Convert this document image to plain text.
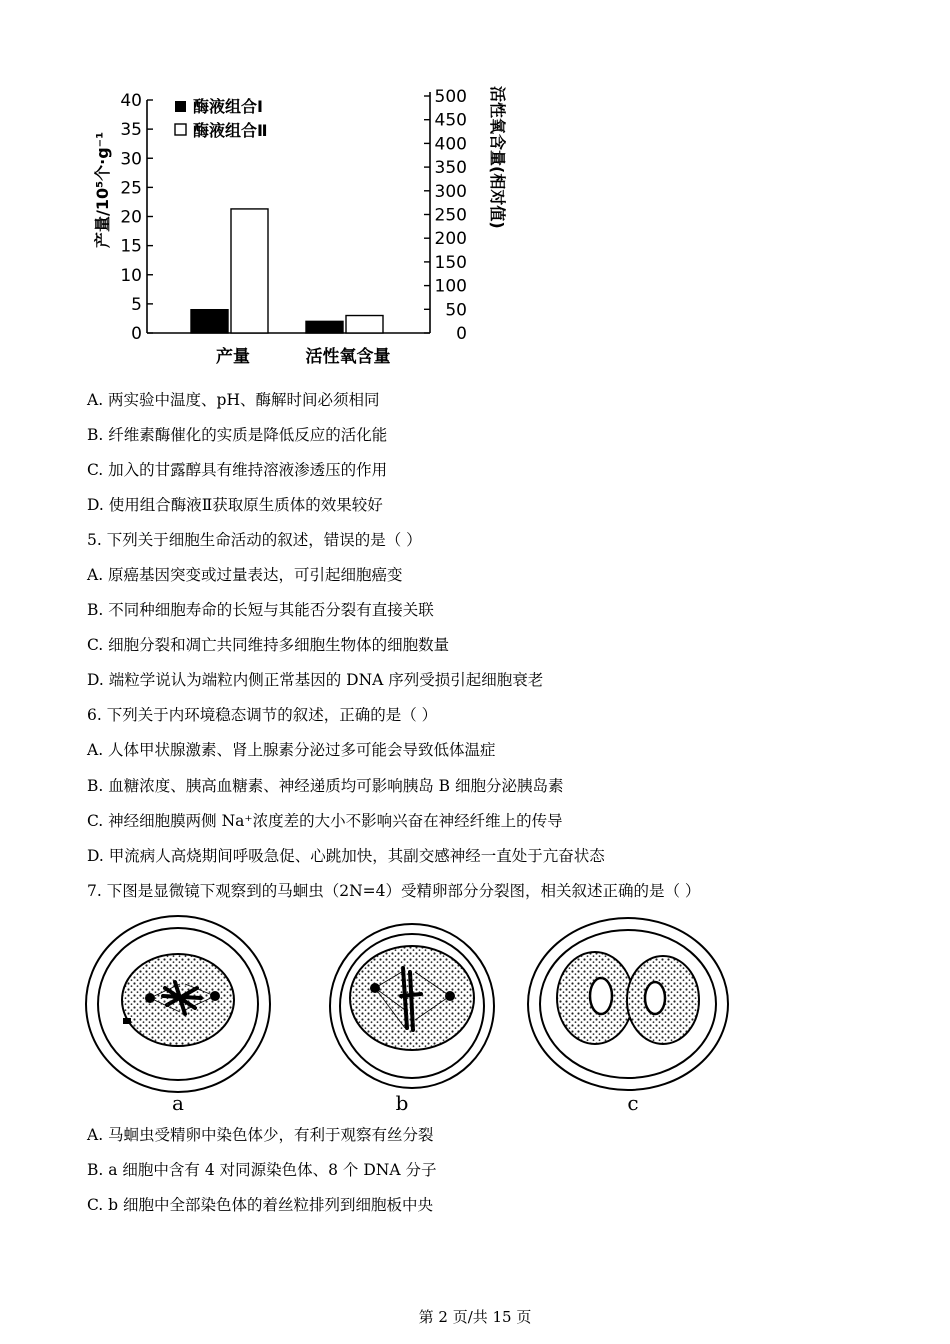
0
5
10
15
20
25
30
35
40
0
50
100
150
200
250
300
350
400
450
500
酶液组合Ⅰ
酶液组合Ⅱ
产量/10⁵个·g⁻¹	活性氧含量(相对值)
产量	活性氧含量
A. 两实验中温度、pH、酶解时间必须相同
B. 纤维素酶催化的实质是降低反应的活化能
C. 加入的甘露醇具有维持溶液渗透压的作用
D. 使用组合酶液Ⅱ获取原生质体的效果较好
5. 下列关于细胞生命活动的叙述，错误的是（ ）
A. 原癌基因突变或过量表达，可引起细胞癌变
B. 不同种细胞寿命的长短与其能否分裂有直接关联
C. 细胞分裂和凋亡共同维持多细胞生物体的细胞数量
D. 端粒学说认为端粒内侧正常基因的 DNA 序列受损引起细胞衰老
6. 下列关于内环境稳态调节的叙述，正确的是（ ）
A. 人体甲状腺激素、肾上腺素分泌过多可能会导致低体温症
B. 血糖浓度、胰高血糖素、神经递质均可影响胰岛 B 细胞分泌胰岛素
C. 神经细胞膜两侧 Na⁺浓度差的大小不影响兴奋在神经纤维上的传导
D. 甲流病人高烧期间呼吸急促、心跳加快，其副交感神经一直处于亢奋状态
7. 下图是显微镜下观察到的马蛔虫（2N=4）受精卵部分分裂图，相关叙述正确的是（ ）
a	b	c
A. 马蛔虫受精卵中染色体少，有利于观察有丝分裂
B. a 细胞中含有 4 对同源染色体、8 个 DNA 分子
C. b 细胞中全部染色体的着丝粒排列到细胞板中央
第 2 页/共 15 页
